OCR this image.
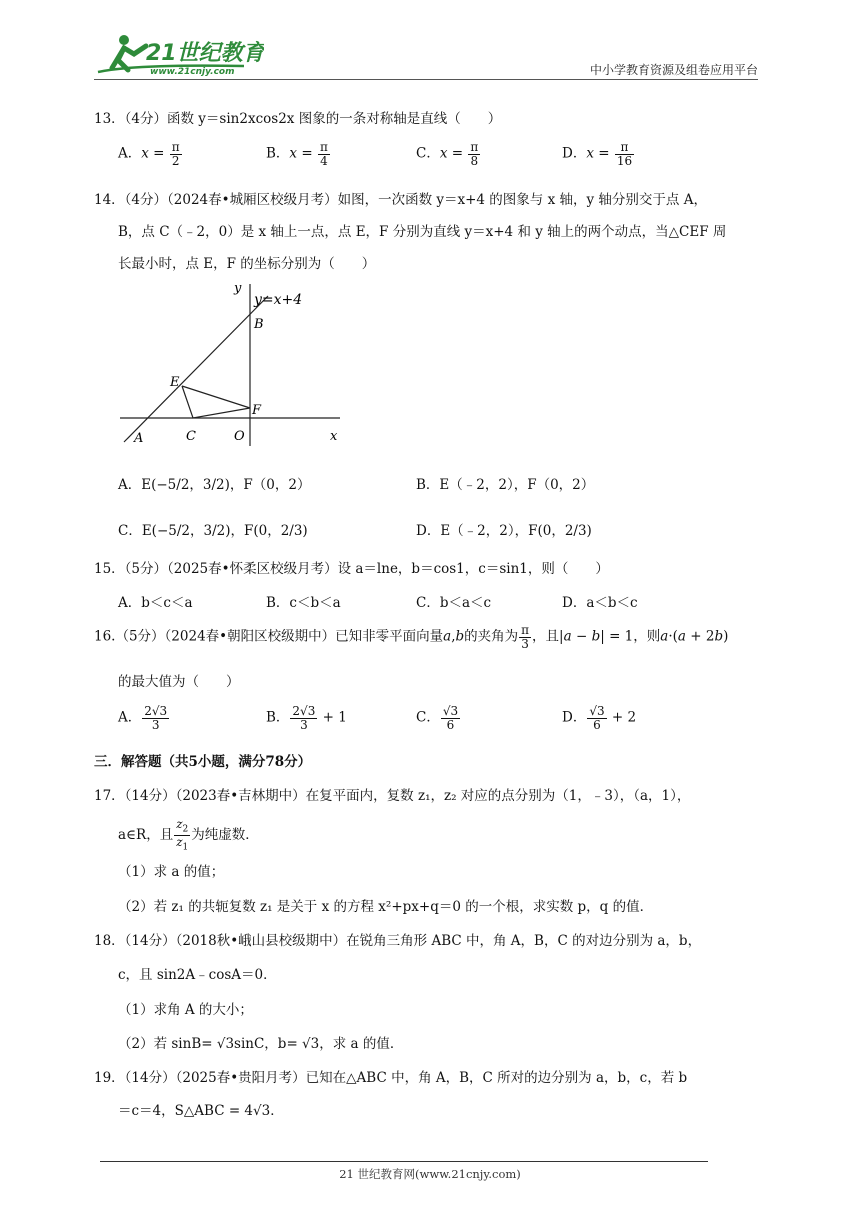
21世纪教育
www.21cnjy.com	中小学教育资源及组卷应用平台
13．（4分）函数 y＝sin2xcos2x 图象的一条对称轴是直线（　　）
A．$x = \frac{\pi}{2}$	B．$x = \frac{\pi}{4}$	C．$x = \frac{\pi}{8}$	D．$x = \frac{\pi}{16}$
14．（4分）（2024春•城厢区校级月考）如图，一次函数 y＝x+4 的图象与 x 轴，y 轴分别交于点 A，
B，点 C（﹣2，0）是 x 轴上一点，点 E，F 分别为直线 y＝x+4 和 y 轴上的两个动点，当△CEF 周
长最小时，点 E，F 的坐标分别为（　　）
y=x+4
y
x
B
A	C
E
F
O
A．E(−5/2，3/2)，F（0，2）	B．E（﹣2，2），F（0，2）
C．E(−5/2，3/2)，F(0，2/3)	D．E（﹣2，2），F(0，2/3)
15．（5分）（2025春•怀柔区校级月考）设 a＝lne，b＝cos1，c＝sin1，则（　　）
A．b＜c＜a	B．c＜b＜a	C．b＜a＜c	D．a＜b＜c
16.（5分）（2024春•朝阳区校级期中）已知非零平面向量a,b的夹角为 $\frac{\pi}{3}$ ，且|a − b| = 1，则a·(a + 2b)
的最大值为（　　）
A． $\frac{2√3}{3}$	B． $\frac{2√3}{3} + 1$	C． $\frac{√3}{6}$	D． $\frac{√3}{6} + 2$
三．解答题（共5小题，满分78分）
17．（14分）（2023春•吉林期中）在复平面内，复数 z₁，z₂ 对应的点分别为（1，﹣3），（a，1），
a∈R，且 $\frac{z_2}{z_1}$ 为纯虚数．
（1）求 a 的值；
（2）若 z₁ 的共轭复数 z₁ 是关于 x 的方程 x²+px+q＝0 的一个根，求实数 p，q 的值．
18．（14分）（2018秋•峨山县校级期中）在锐角三角形 ABC 中，角 A，B，C 的对边分别为 a，b，
c，且 sin2A﹣cosA＝0．
（1）求角 A 的大小；
（2）若 sinB= √3sinC，b= √3，求 a 的值．
19．（14分）（2025春•贵阳月考）已知在△ABC 中，角 A，B，C 所对的边分别为 a，b，c，若 b
＝c＝4，S△ABC = 4√3．
21 世纪教育网(www.21cnjy.com)
